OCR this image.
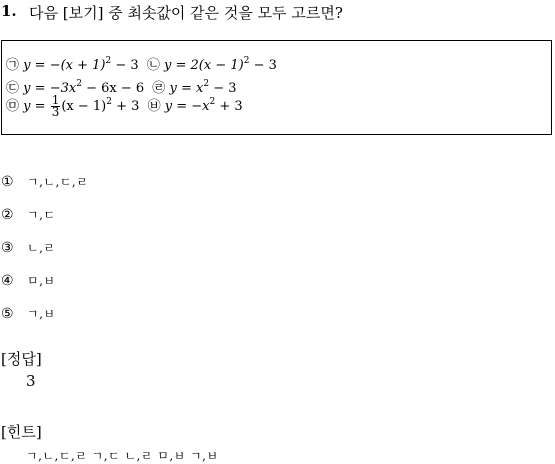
1. 다음 [보기] 중 최솟값이 같은 것을 모두 고르면?
㉠ $y = -(x + 1)^2 - 3$ ㉡ $y = 2(x - 1)^2 - 3$
㉢ $y = -3x^2 - 6x - 6$ ㉣ $y = x^2 - 3$
㉤ $y = \frac{1}{3} (x - 1)^2 + 3$ ㉥ $y = -x^2 + 3$
① ㄱ,ㄴ,ㄷ,ㄹ
② ㄱ,ㄷ
③ ㄴ,ㄹ
④ ㅁ,ㅂ
⑤ ㄱ,ㅂ
[정답]
3
[힌트]
ㄱ,ㄴ,ㄷ,ㄹ ㄱ,ㄷ ㄴ,ㄹ ㅁ,ㅂ ㄱ,ㅂ
